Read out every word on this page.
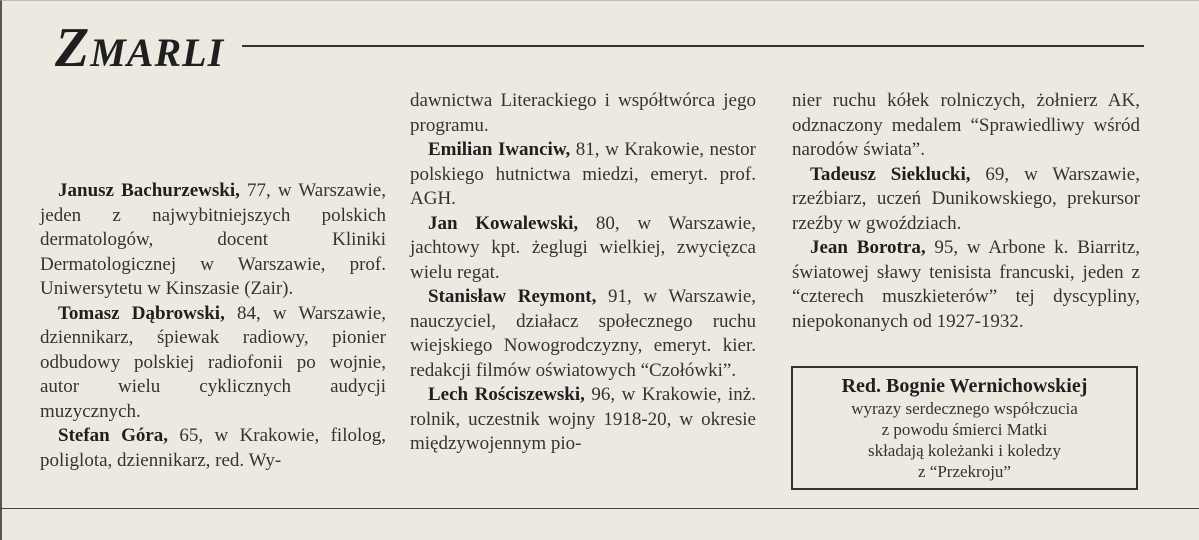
ZMARLI

Janusz Bachurzewski, 77, w Warszawie, jeden z najwybitniejszych polskich dermatologów, docent Kliniki Dermatologicznej w Warszawie, prof. Uniwersytetu w Kinszasie (Zair).

Tomasz Dąbrowski, 84, w Warszawie, dziennikarz, śpiewak radiowy, pionier odbudowy polskiej radiofonii po wojnie, autor wielu cyklicznych audycji muzycznych.

Stefan Góra, 65, w Krakowie, filolog, poliglota, dziennikarz, red. Wy-

dawnictwa Literackiego i współtwórca jego programu.

Emilian Iwanciw, 81, w Krakowie, nestor polskiego hutnictwa miedzi, emeryt. prof. AGH.

Jan Kowalewski, 80, w Warszawie, jachtowy kpt. żeglugi wielkiej, zwycięzca wielu regat.

Stanisław Reymont, 91, w Warszawie, nauczyciel, działacz społecznego ruchu wiejskiego Nowogrodczyzny, emeryt. kier. redakcji filmów oświatowych “Czołówki”.

Lech Rościszewski, 96, w Krakowie, inż. rolnik, uczestnik wojny 1918-20, w okresie międzywojennym pio-

nier ruchu kółek rolniczych, żołnierz AK, odznaczony medalem “Sprawiedliwy wśród narodów świata”.

Tadeusz Sieklucki, 69, w Warszawie, rzeźbiarz, uczeń Dunikowskiego, prekursor rzeźby w gwoździach.

Jean Borotra, 95, w Arbone k. Biarritz, światowej sławy tenisista francuski, jeden z “czterech muszkieterów” tej dyscypliny, niepokonanych od 1927-1932.

Red. Bognie Wernichowskiej
wyrazy serdecznego współczucia
z powodu śmierci Matki
składają koleżanki i koledzy
z “Przekroju”
